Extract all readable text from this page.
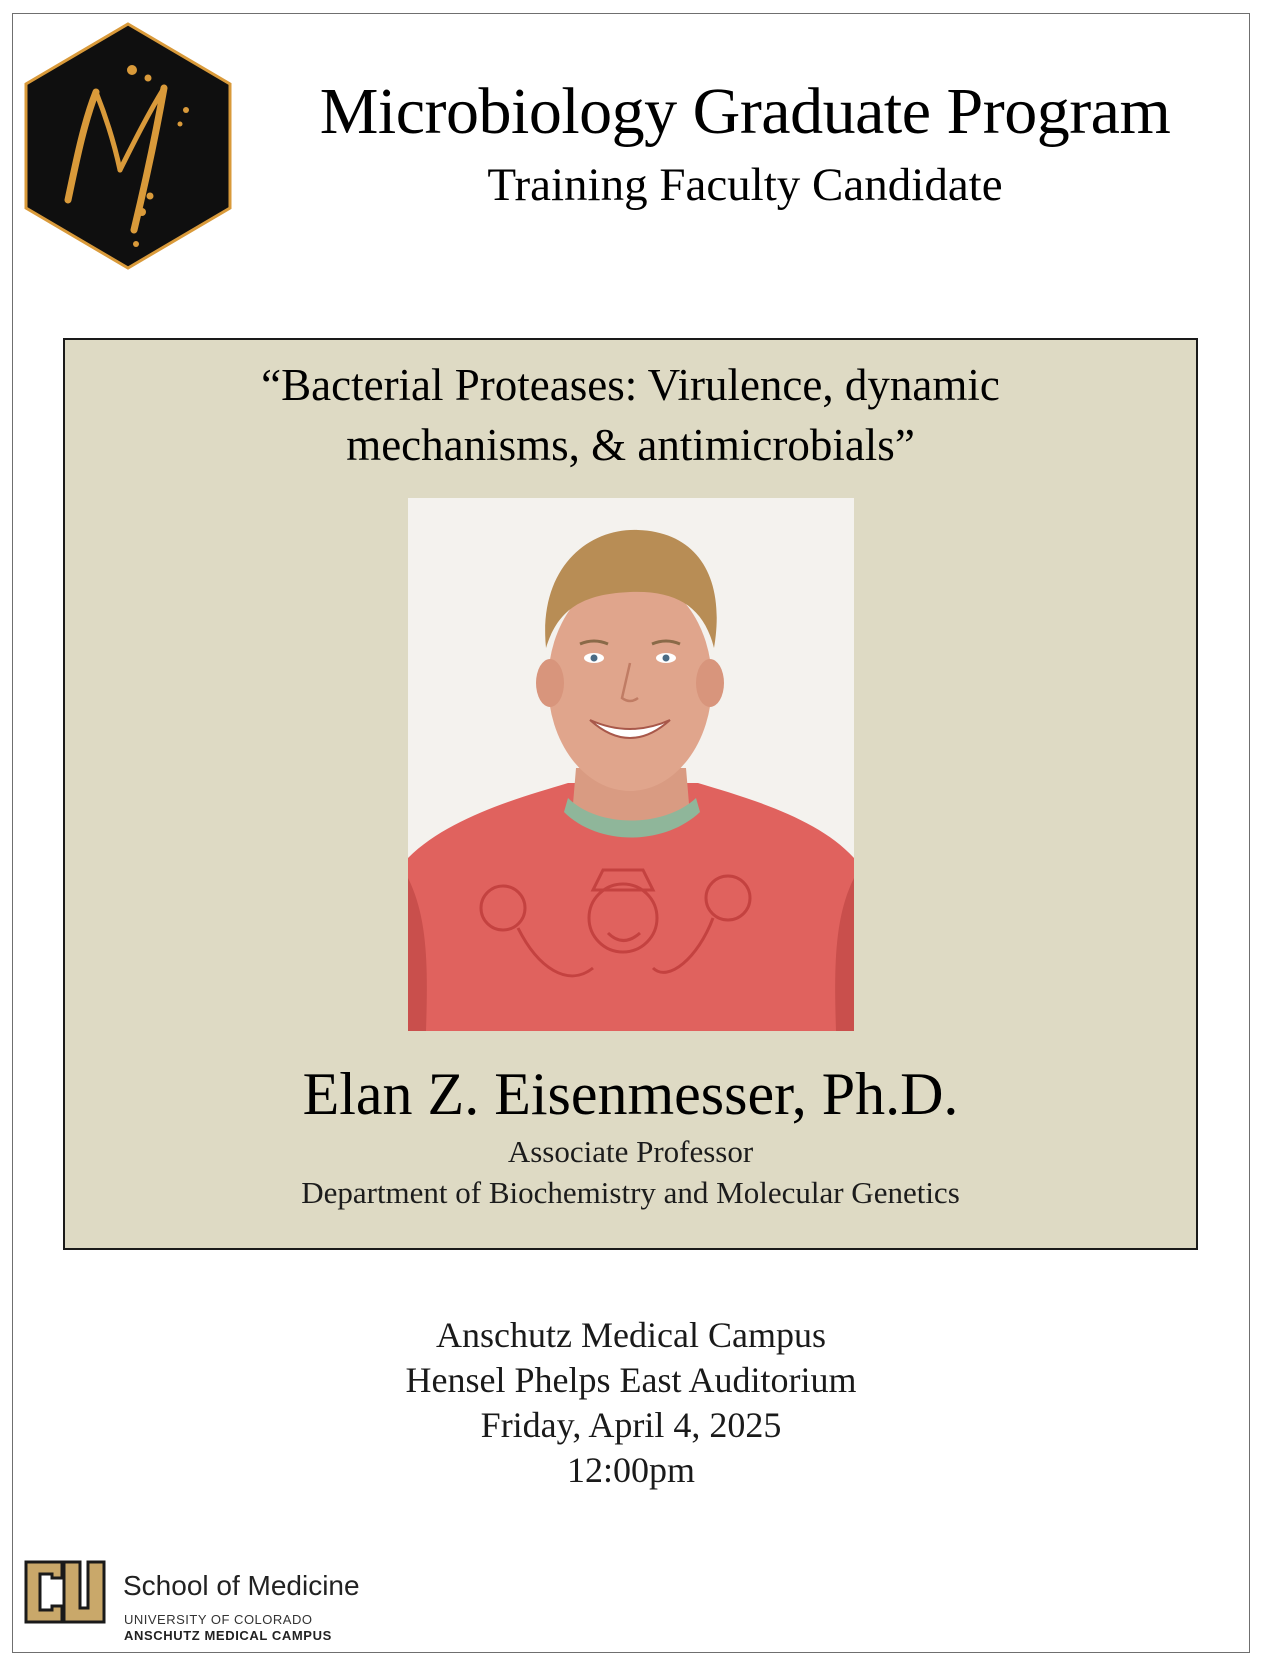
Microbiology Graduate Program
Training Faculty Candidate
“Bacterial Proteases: Virulence, dynamic
mechanisms, & antimicrobials”
Elan Z. Eisenmesser, Ph.D.
Associate Professor
Department of Biochemistry and Molecular Genetics
Anschutz Medical Campus
Hensel Phelps East Auditorium
Friday, April 4, 2025
12:00pm
School of Medicine
UNIVERSITY OF COLORADO
ANSCHUTZ MEDICAL CAMPUS
